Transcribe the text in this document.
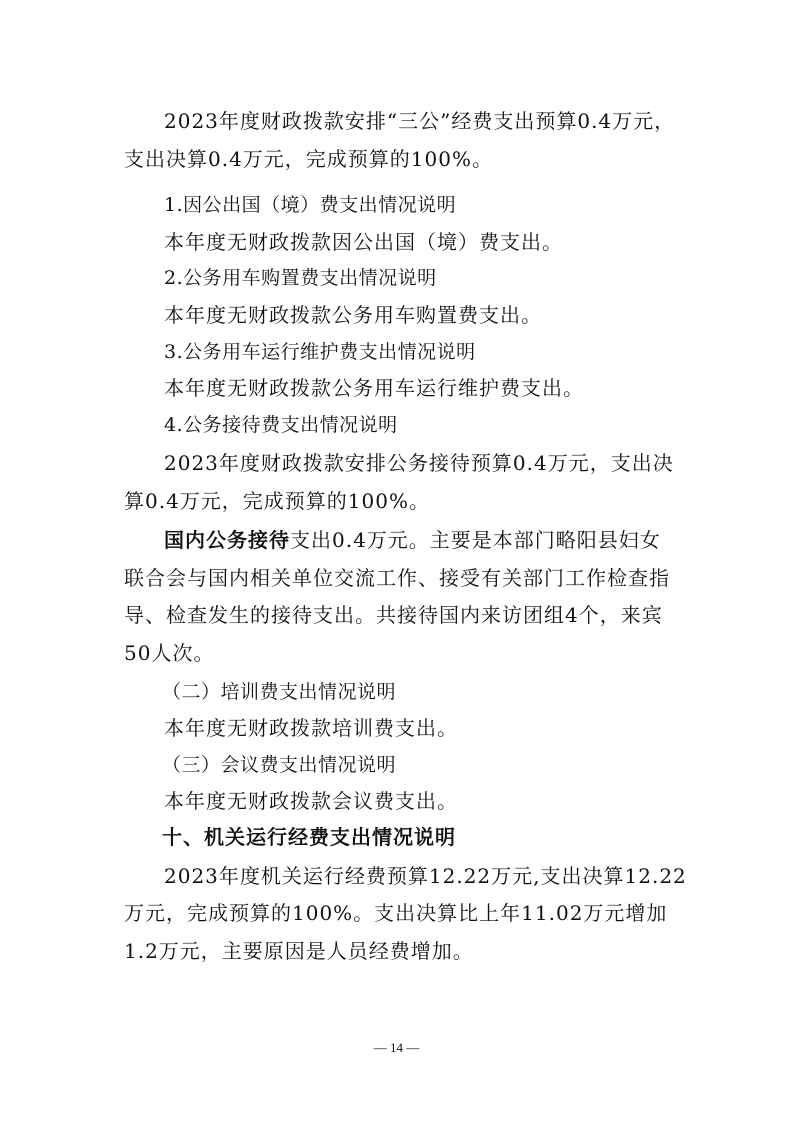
2023年度财政拨款安排“三公”经费支出预算0.4万元，
支出决算0.4万元，完成预算的100%。
1.因公出国（境）费支出情况说明
本年度无财政拨款因公出国（境）费支出。
2.公务用车购置费支出情况说明
本年度无财政拨款公务用车购置费支出。
3.公务用车运行维护费支出情况说明
本年度无财政拨款公务用车运行维护费支出。
4.公务接待费支出情况说明
2023年度财政拨款安排公务接待预算0.4万元，支出决
算0.4万元，完成预算的100%。
国内公务接待支出0.4万元。主要是本部门略阳县妇女
联合会与国内相关单位交流工作、接受有关部门工作检查指
导、检查发生的接待支出。共接待国内来访团组4个，来宾
50人次。
（二）培训费支出情况说明
本年度无财政拨款培训费支出。
（三）会议费支出情况说明
本年度无财政拨款会议费支出。
十、机关运行经费支出情况说明
2023年度机关运行经费预算12.22万元,支出决算12.22
万元，完成预算的100%。支出决算比上年11.02万元增加
1.2万元，主要原因是人员经费增加。
— 14 —
